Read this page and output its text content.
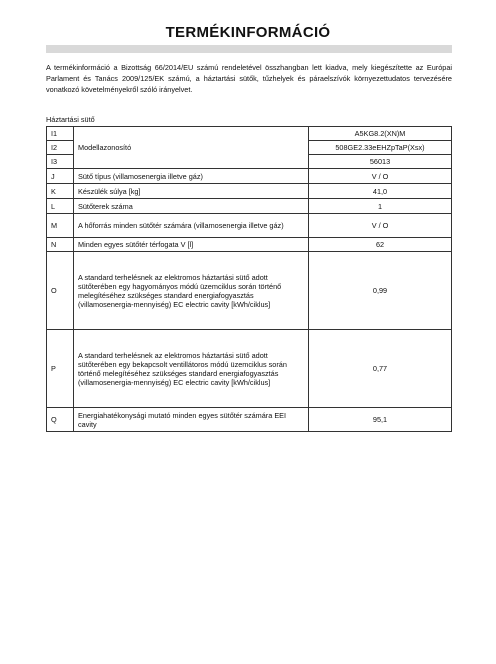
TERMÉKINFORMÁCIÓ
A termékinformáció a Bizottság 66/2014/EU számú rendeletével összhangban lett kiadva, mely kiegészítette az Európai Parlament és Tanács 2009/125/EK számú, a háztartási sütők, tűzhelyek és páraelszívók környezettudatos tervezésére vonatkozó követelményekről szóló irányelvet.
Háztartási sütő
I1	Modellazonosító	A5KG8.2(XN)M
I2		508GE2.33eEHZpTaP(Xsx)
I3		56013
J	Sütő típus (villamosenergia illetve gáz)	V / O
K	Készülék súlya [kg]	41,0
L	Sütőterek száma	1
M	A hőforrás minden sütőtér számára (villamosenergia illetve gáz)	V / O
N	Minden egyes sütőtér térfogata V [l]	62
O	A standard terhelésnek az elektromos háztartási sütő adott sütőterében egy hagyományos módú üzemciklus során történő melegítéséhez szükséges standard energiafogyasztás (villamosenergia-mennyiség) EC electric cavity [kWh/ciklus]	0,99
P	A standard terhelésnek az elektromos háztartási sütő adott sütőterében egy bekapcsolt ventillátoros módú üzemciklus során történő melegítéséhez szükséges standard energiafogyasztás (villamosenergia-mennyiség) EC electric cavity [kWh/ciklus]	0,77
Q	Energiahatékonysági mutató minden egyes sütőtér számára EEI cavity	95,1
